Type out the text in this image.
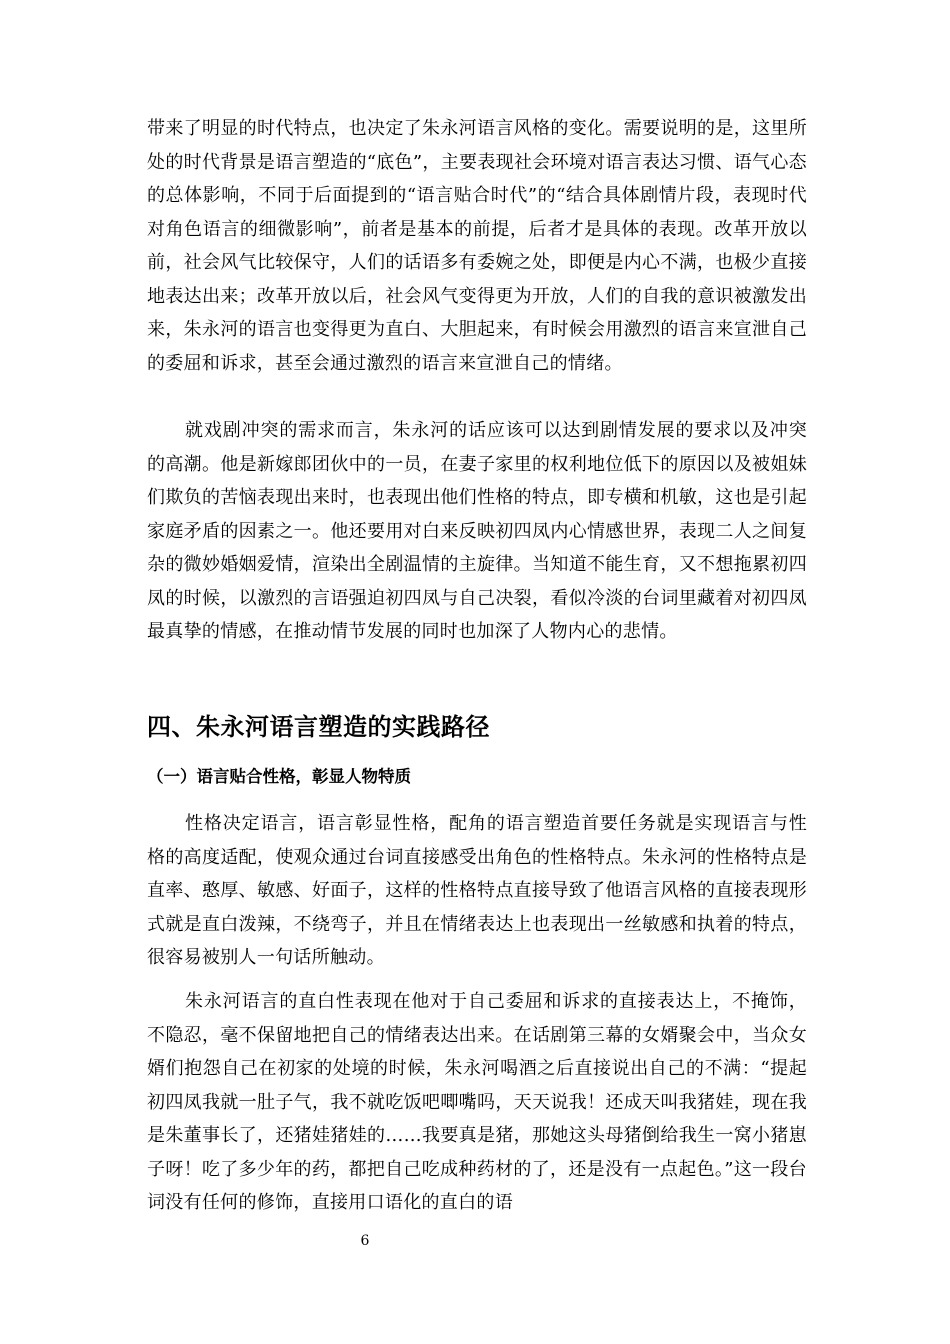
带来了明显的时代特点，也决定了朱永河语言风格的变化。需要说明的是，这里所处的时代背景是语言塑造的“底色”，主要表现社会环境对语言表达习惯、语气心态的总体影响，不同于后面提到的“语言贴合时代”的“结合具体剧情片段，表现时代对角色语言的细微影响”，前者是基本的前提，后者才是具体的表现。改革开放以前，社会风气比较保守，人们的话语多有委婉之处，即便是内心不满，也极少直接地表达出来；改革开放以后，社会风气变得更为开放，人们的自我的意识被激发出来，朱永河的语言也变得更为直白、大胆起来，有时候会用激烈的语言来宣泄自己的委屈和诉求，甚至会通过激烈的语言来宣泄自己的情绪。

就戏剧冲突的需求而言，朱永河的话应该可以达到剧情发展的要求以及冲突的高潮。他是新嫁郎团伙中的一员，在妻子家里的权利地位低下的原因以及被姐妹们欺负的苦恼表现出来时，也表现出他们性格的特点，即专横和机敏，这也是引起家庭矛盾的因素之一。他还要用对白来反映初四凤内心情感世界，表现二人之间复杂的微妙婚姻爱情，渲染出全剧温情的主旋律。当知道不能生育，又不想拖累初四凤的时候，以激烈的言语强迫初四凤与自己决裂，看似冷淡的台词里藏着对初四凤最真挚的情感，在推动情节发展的同时也加深了人物内心的悲情。

四、朱永河语言塑造的实践路径
（一）语言贴合性格，彰显人物特质

性格决定语言，语言彰显性格，配角的语言塑造首要任务就是实现语言与性格的高度适配，使观众通过台词直接感受出角色的性格特点。朱永河的性格特点是直率、憨厚、敏感、好面子，这样的性格特点直接导致了他语言风格的直接表现形式就是直白泼辣，不绕弯子，并且在情绪表达上也表现出一丝敏感和执着的特点，很容易被别人一句话所触动。

朱永河语言的直白性表现在他对于自己委屈和诉求的直接表达上，不掩饰，不隐忍，毫不保留地把自己的情绪表达出来。在话剧第三幕的女婿聚会中，当众女婿们抱怨自己在初家的处境的时候，朱永河喝酒之后直接说出自己的不满：“提起初四凤我就一肚子气，我不就吃饭吧唧嘴吗，天天说我！还成天叫我猪娃，现在我是朱董事长了，还猪娃猪娃的……我要真是猪，那她这头母猪倒给我生一窝小猪崽子呀！吃了多少年的药，都把自己吃成种药材的了，还是没有一点起色。”这一段台词没有任何的修饰，直接用口语化的直白的语

6
